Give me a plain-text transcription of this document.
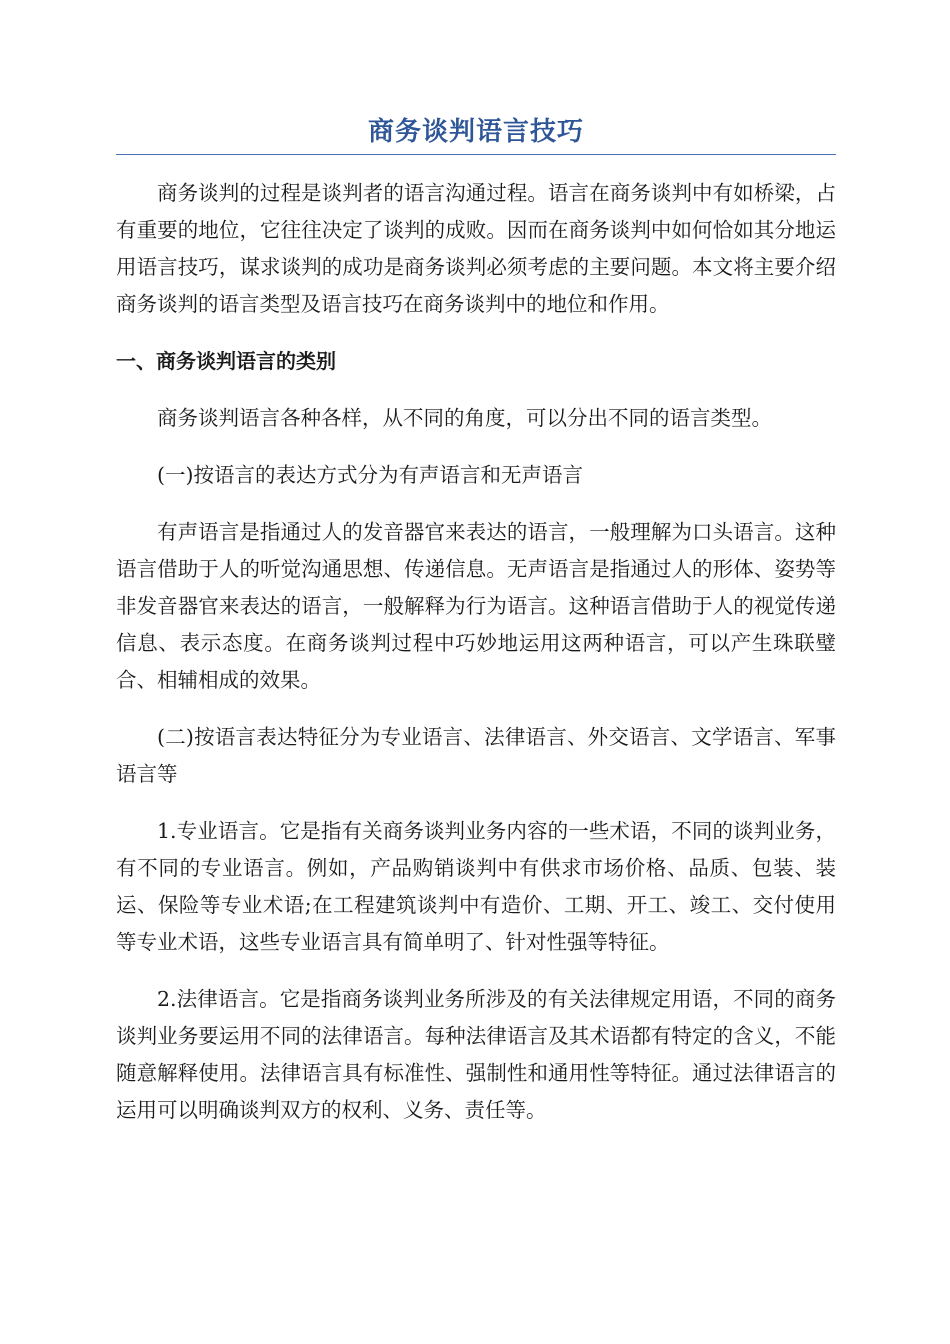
商务谈判语言技巧

商务谈判的过程是谈判者的语言沟通过程。语言在商务谈判中有如桥梁，占有重要的地位，它往往决定了谈判的成败。因而在商务谈判中如何恰如其分地运用语言技巧，谋求谈判的成功是商务谈判必须考虑的主要问题。本文将主要介绍商务谈判的语言类型及语言技巧在商务谈判中的地位和作用。

一、商务谈判语言的类别

商务谈判语言各种各样，从不同的角度，可以分出不同的语言类型。

(一)按语言的表达方式分为有声语言和无声语言

有声语言是指通过人的发音器官来表达的语言，一般理解为口头语言。这种语言借助于人的听觉沟通思想、传递信息。无声语言是指通过人的形体、姿势等非发音器官来表达的语言，一般解释为行为语言。这种语言借助于人的视觉传递信息、表示态度。在商务谈判过程中巧妙地运用这两种语言，可以产生珠联璧合、相辅相成的效果。

(二)按语言表达特征分为专业语言、法律语言、外交语言、文学语言、军事语言等

1.专业语言。它是指有关商务谈判业务内容的一些术语，不同的谈判业务，有不同的专业语言。例如，产品购销谈判中有供求市场价格、品质、包装、装运、保险等专业术语;在工程建筑谈判中有造价、工期、开工、竣工、交付使用等专业术语，这些专业语言具有简单明了、针对性强等特征。

2.法律语言。它是指商务谈判业务所涉及的有关法律规定用语，不同的商务谈判业务要运用不同的法律语言。每种法律语言及其术语都有特定的含义，不能随意解释使用。法律语言具有标准性、强制性和通用性等特征。通过法律语言的运用可以明确谈判双方的权利、义务、责任等。
